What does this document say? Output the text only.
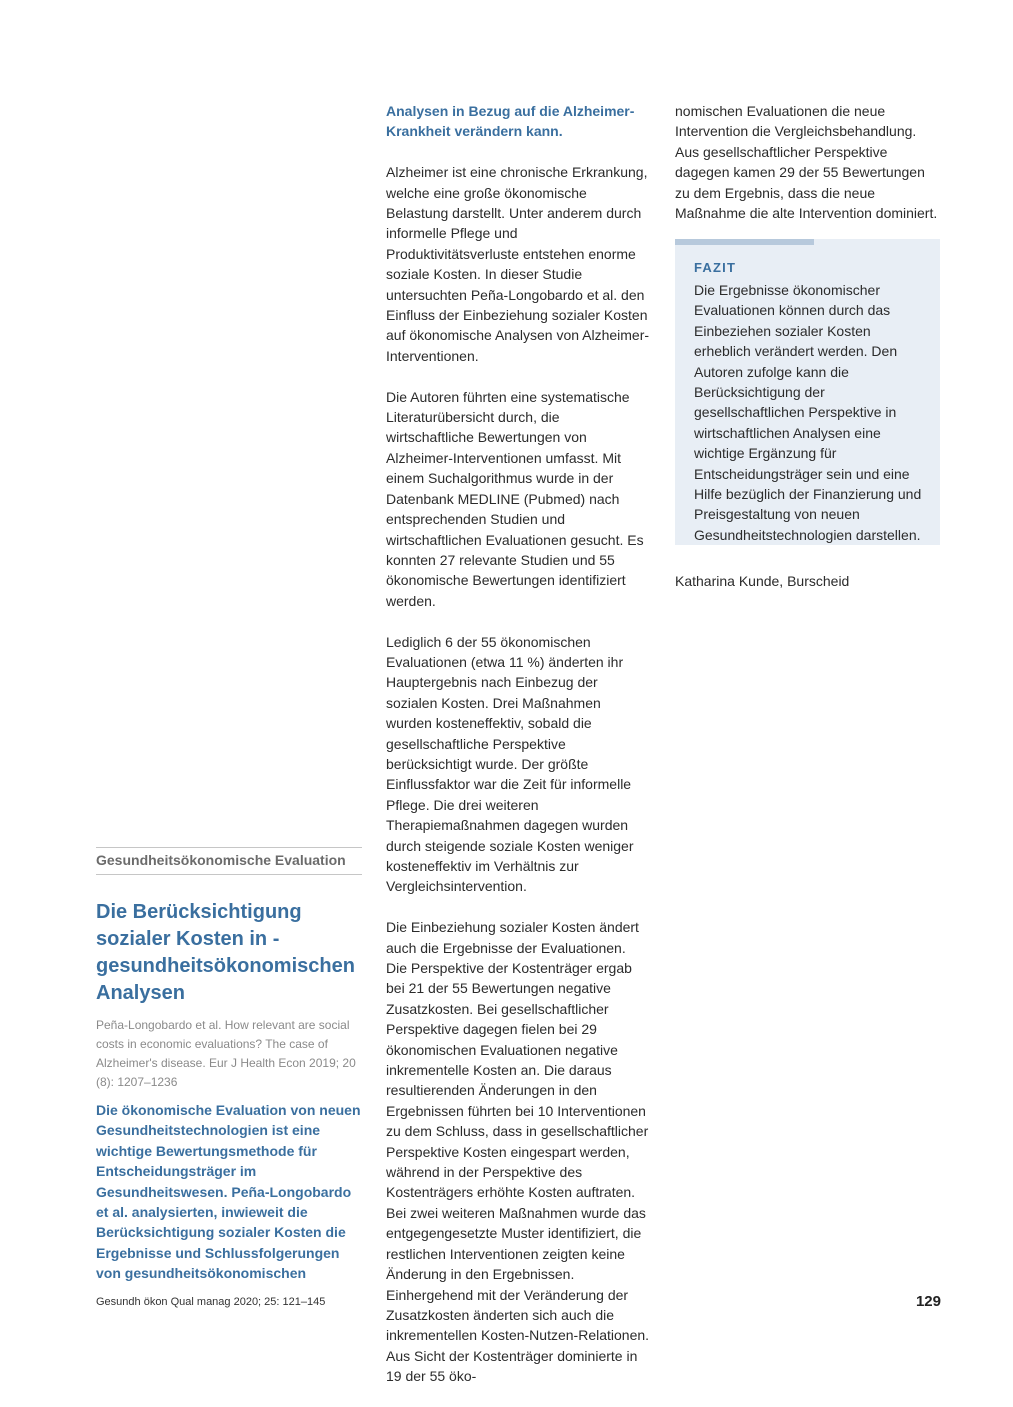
Gesundheitsökonomische Evaluation
Die Berücksichtigung sozialer Kosten in - gesundheitsökonomischen Analysen
Peña-Longobardo et al. How relevant are social costs in economic evaluations? The case of Alzheimer's disease. Eur J Health Econ 2019; 20 (8): 1207–1236
Die ökonomische Evaluation von neuen Gesundheitstechnologien ist eine wichtige Bewertungsmethode für Entscheidungsträger im Gesundheitswesen. Peña-Longobardo et al. analysierten, inwieweit die Berücksichtigung sozialer Kosten die Ergebnisse und Schlussfolgerungen von gesundheitsökonomischen

Analysen in Bezug auf die Alzheimer-Krankheit verändern kann.

Alzheimer ist eine chronische Erkrankung, welche eine große ökonomische Belastung darstellt. Unter anderem durch informelle Pflege und Produktivitätsverluste entstehen enorme soziale Kosten. In dieser Studie untersuchten Peña-Longobardo et al. den Einfluss der Einbeziehung sozialer Kosten auf ökonomische Analysen von Alzheimer-Interventionen.

Die Autoren führten eine systematische Literaturübersicht durch, die wirtschaftliche Bewertungen von Alzheimer-Interventionen umfasst. Mit einem Suchalgorithmus wurde in der Datenbank MEDLINE (Pubmed) nach entsprechenden Studien und wirtschaftlichen Evaluationen gesucht. Es konnten 27 relevante Studien und 55 ökonomische Bewertungen identifiziert werden.

Lediglich 6 der 55 ökonomischen Evaluationen (etwa 11 %) änderten ihr Hauptergebnis nach Einbezug der sozialen Kosten. Drei Maßnahmen wurden kosteneffektiv, sobald die gesellschaftliche Perspektive berücksichtigt wurde. Der größte Einflussfaktor war die Zeit für informelle Pflege. Die drei weiteren Therapiemaßnahmen dagegen wurden durch steigende soziale Kosten weniger kosteneffektiv im Verhältnis zur Vergleichsintervention.

Die Einbeziehung sozialer Kosten ändert auch die Ergebnisse der Evaluationen. Die Perspektive der Kostenträger ergab bei 21 der 55 Bewertungen negative Zusatzkosten. Bei gesellschaftlicher Perspektive dagegen fielen bei 29 ökonomischen Evaluationen negative inkrementelle Kosten an. Die daraus resultierenden Änderungen in den Ergebnissen führten bei 10 Interventionen zu dem Schluss, dass in gesellschaftlicher Perspektive Kosten eingespart werden, während in der Perspektive des Kostenträgers erhöhte Kosten auftraten. Bei zwei weiteren Maßnahmen wurde das entgegengesetzte Muster identifiziert, die restlichen Interventionen zeigten keine Änderung in den Ergebnissen. Einhergehend mit der Veränderung der Zusatzkosten änderten sich auch die inkrementellen Kosten-Nutzen-Relationen. Aus Sicht der Kostenträger dominierte in 19 der 55 öko-

nomischen Evaluationen die neue Intervention die Vergleichsbehandlung. Aus gesellschaftlicher Perspektive dagegen kamen 29 der 55 Bewertungen zu dem Ergebnis, dass die neue Maßnahme die alte Intervention dominiert.

FAZIT
Die Ergebnisse ökonomischer Evaluationen können durch das Einbeziehen sozialer Kosten erheblich verändert werden. Den Autoren zufolge kann die Berücksichtigung der gesellschaftlichen Perspektive in wirtschaftlichen Analysen eine wichtige Ergänzung für Entscheidungsträger sein und eine Hilfe bezüglich der Finanzierung und Preisgestaltung von neuen Gesundheitstechnologien darstellen.
Katharina Kunde, Burscheid
Gesundh ökon Qual manag 2020; 25: 121–145	129
